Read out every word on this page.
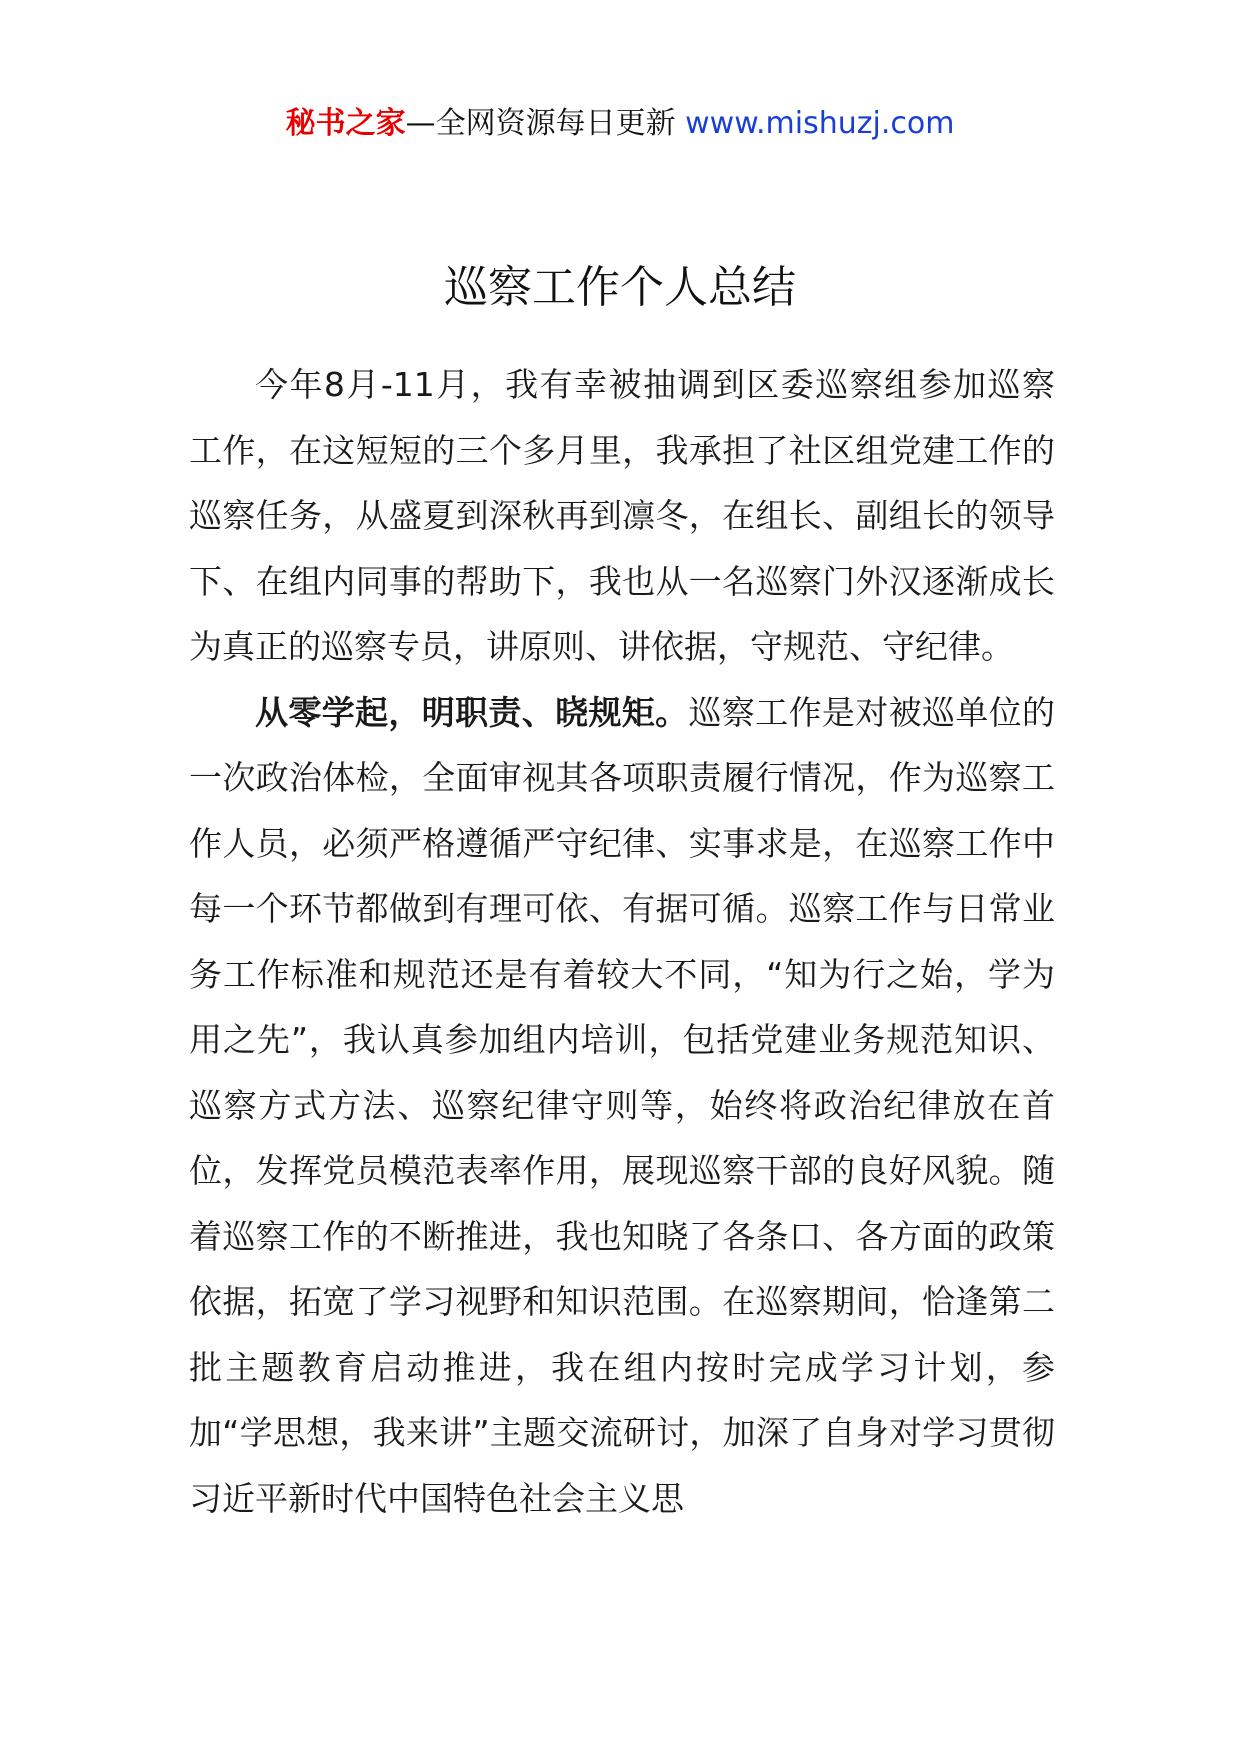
秘书之家—全网资源每日更新 www.mishuzj.com
巡察工作个人总结

今年8月-11月，我有幸被抽调到区委巡察组参加巡察工作，在这短短的三个多月里，我承担了社区组党建工作的巡察任务，从盛夏到深秋再到凛冬，在组长、副组长的领导下、在组内同事的帮助下，我也从一名巡察门外汉逐渐成长为真正的巡察专员，讲原则、讲依据，守规范、守纪律。

从零学起，明职责、晓规矩。巡察工作是对被巡单位的一次政治体检，全面审视其各项职责履行情况，作为巡察工作人员，必须严格遵循严守纪律、实事求是，在巡察工作中每一个环节都做到有理可依、有据可循。巡察工作与日常业务工作标准和规范还是有着较大不同，“知为行之始，学为用之先”，我认真参加组内培训，包括党建业务规范知识、巡察方式方法、巡察纪律守则等，始终将政治纪律放在首位，发挥党员模范表率作用，展现巡察干部的良好风貌。随着巡察工作的不断推进，我也知晓了各条口、各方面的政策依据，拓宽了学习视野和知识范围。在巡察期间，恰逢第二批主题教育启动推进，我在组内按时完成学习计划，参加“学思想，我来讲”主题交流研讨，加深了自身对学习贯彻习近平新时代中国特色社会主义思
